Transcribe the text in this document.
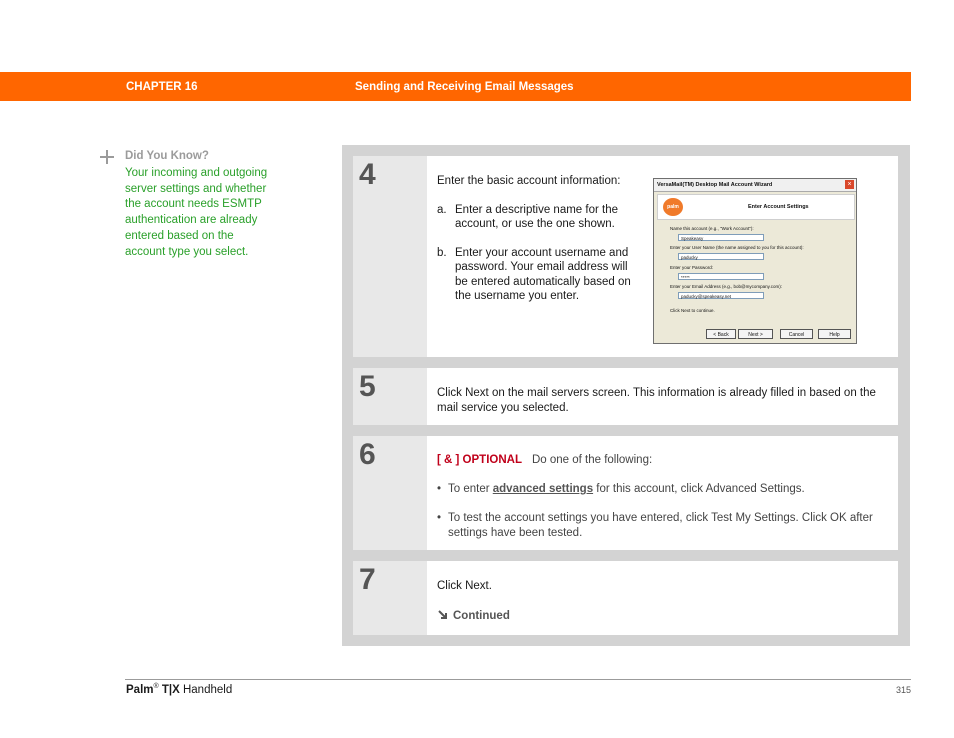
CHAPTER 16	Sending and Receiving Email Messages
Did You Know?
Your incoming and outgoing server settings and whether the account needs ESMTP authentication are already entered based on the account type you select.
4	Enter the basic account information:
a. Enter a descriptive name for the account, or use the one shown.
b. Enter your account username and password. Your email address will be entered automatically based on the username you enter.
VersaMail(TM) Desktop Mail Account Wizard	×
palm	Enter Account Settings
Name this account (e.g., "Work Account"):
Speakeasy
Enter your User Name (the name assigned to you for this account):
paducky
Enter your Password:
*****
Enter your Email Address (e.g., bob@mycompany.com):
paducky@speakeasy.net
Click Next to continue.
< Back	Next >	Cancel	Help
5	Click Next on the mail servers screen. This information is already filled in based on the mail service you selected.
6	[ & ] OPTIONAL Do one of the following:
• To enter advanced settings for this account, click Advanced Settings.
• To test the account settings you have entered, click Test My Settings. Click OK after settings have been tested.
7	Click Next.
Continued
Palm® T|X Handheld	315
